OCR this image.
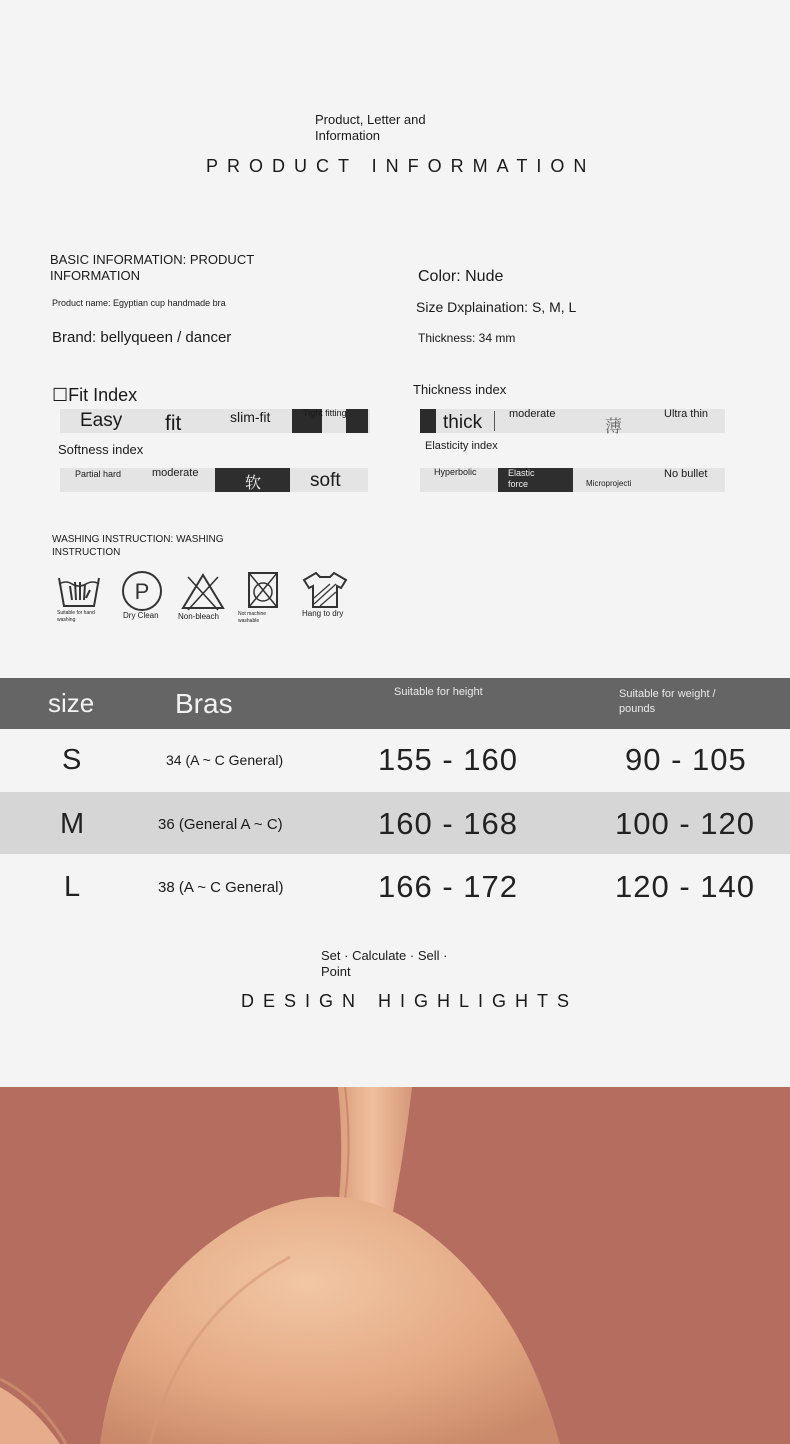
Product, Letter and Information
PRODUCT INFORMATION
BASIC INFORMATION: PRODUCT INFORMATION
Product name: Egyptian cup handmade bra
Brand: bellyqueen / dancer
Color: Nude
Size Dxplaination: S, M, L
Thickness: 34 mm
☐Fit Index
Easy fit	slim-fit	Tight fitting
Softness index
Partial hard	moderate
软	soft
Thickness index
thick moderate
薄
Ultra thin
Elasticity index
Hyperbolic	Elastic force	Microprojecti
No bullet
WASHING INSTRUCTION: WASHING INSTRUCTION
Suitable for hand washing
P
Dry Clean Non-bleach	Not machine washable
Hang to dry
size	Bras	Suitable for height	Suitable for weight / pounds
S	34 (A ~ C General)	155 - 160	90 - 105
M	36 (General A ~ C)	160 - 168	100 - 120
L	38 (A ~ C General)	166 - 172	120 - 140
Set · Calculate · Sell · Point
DESIGN HIGHLIGHTS
